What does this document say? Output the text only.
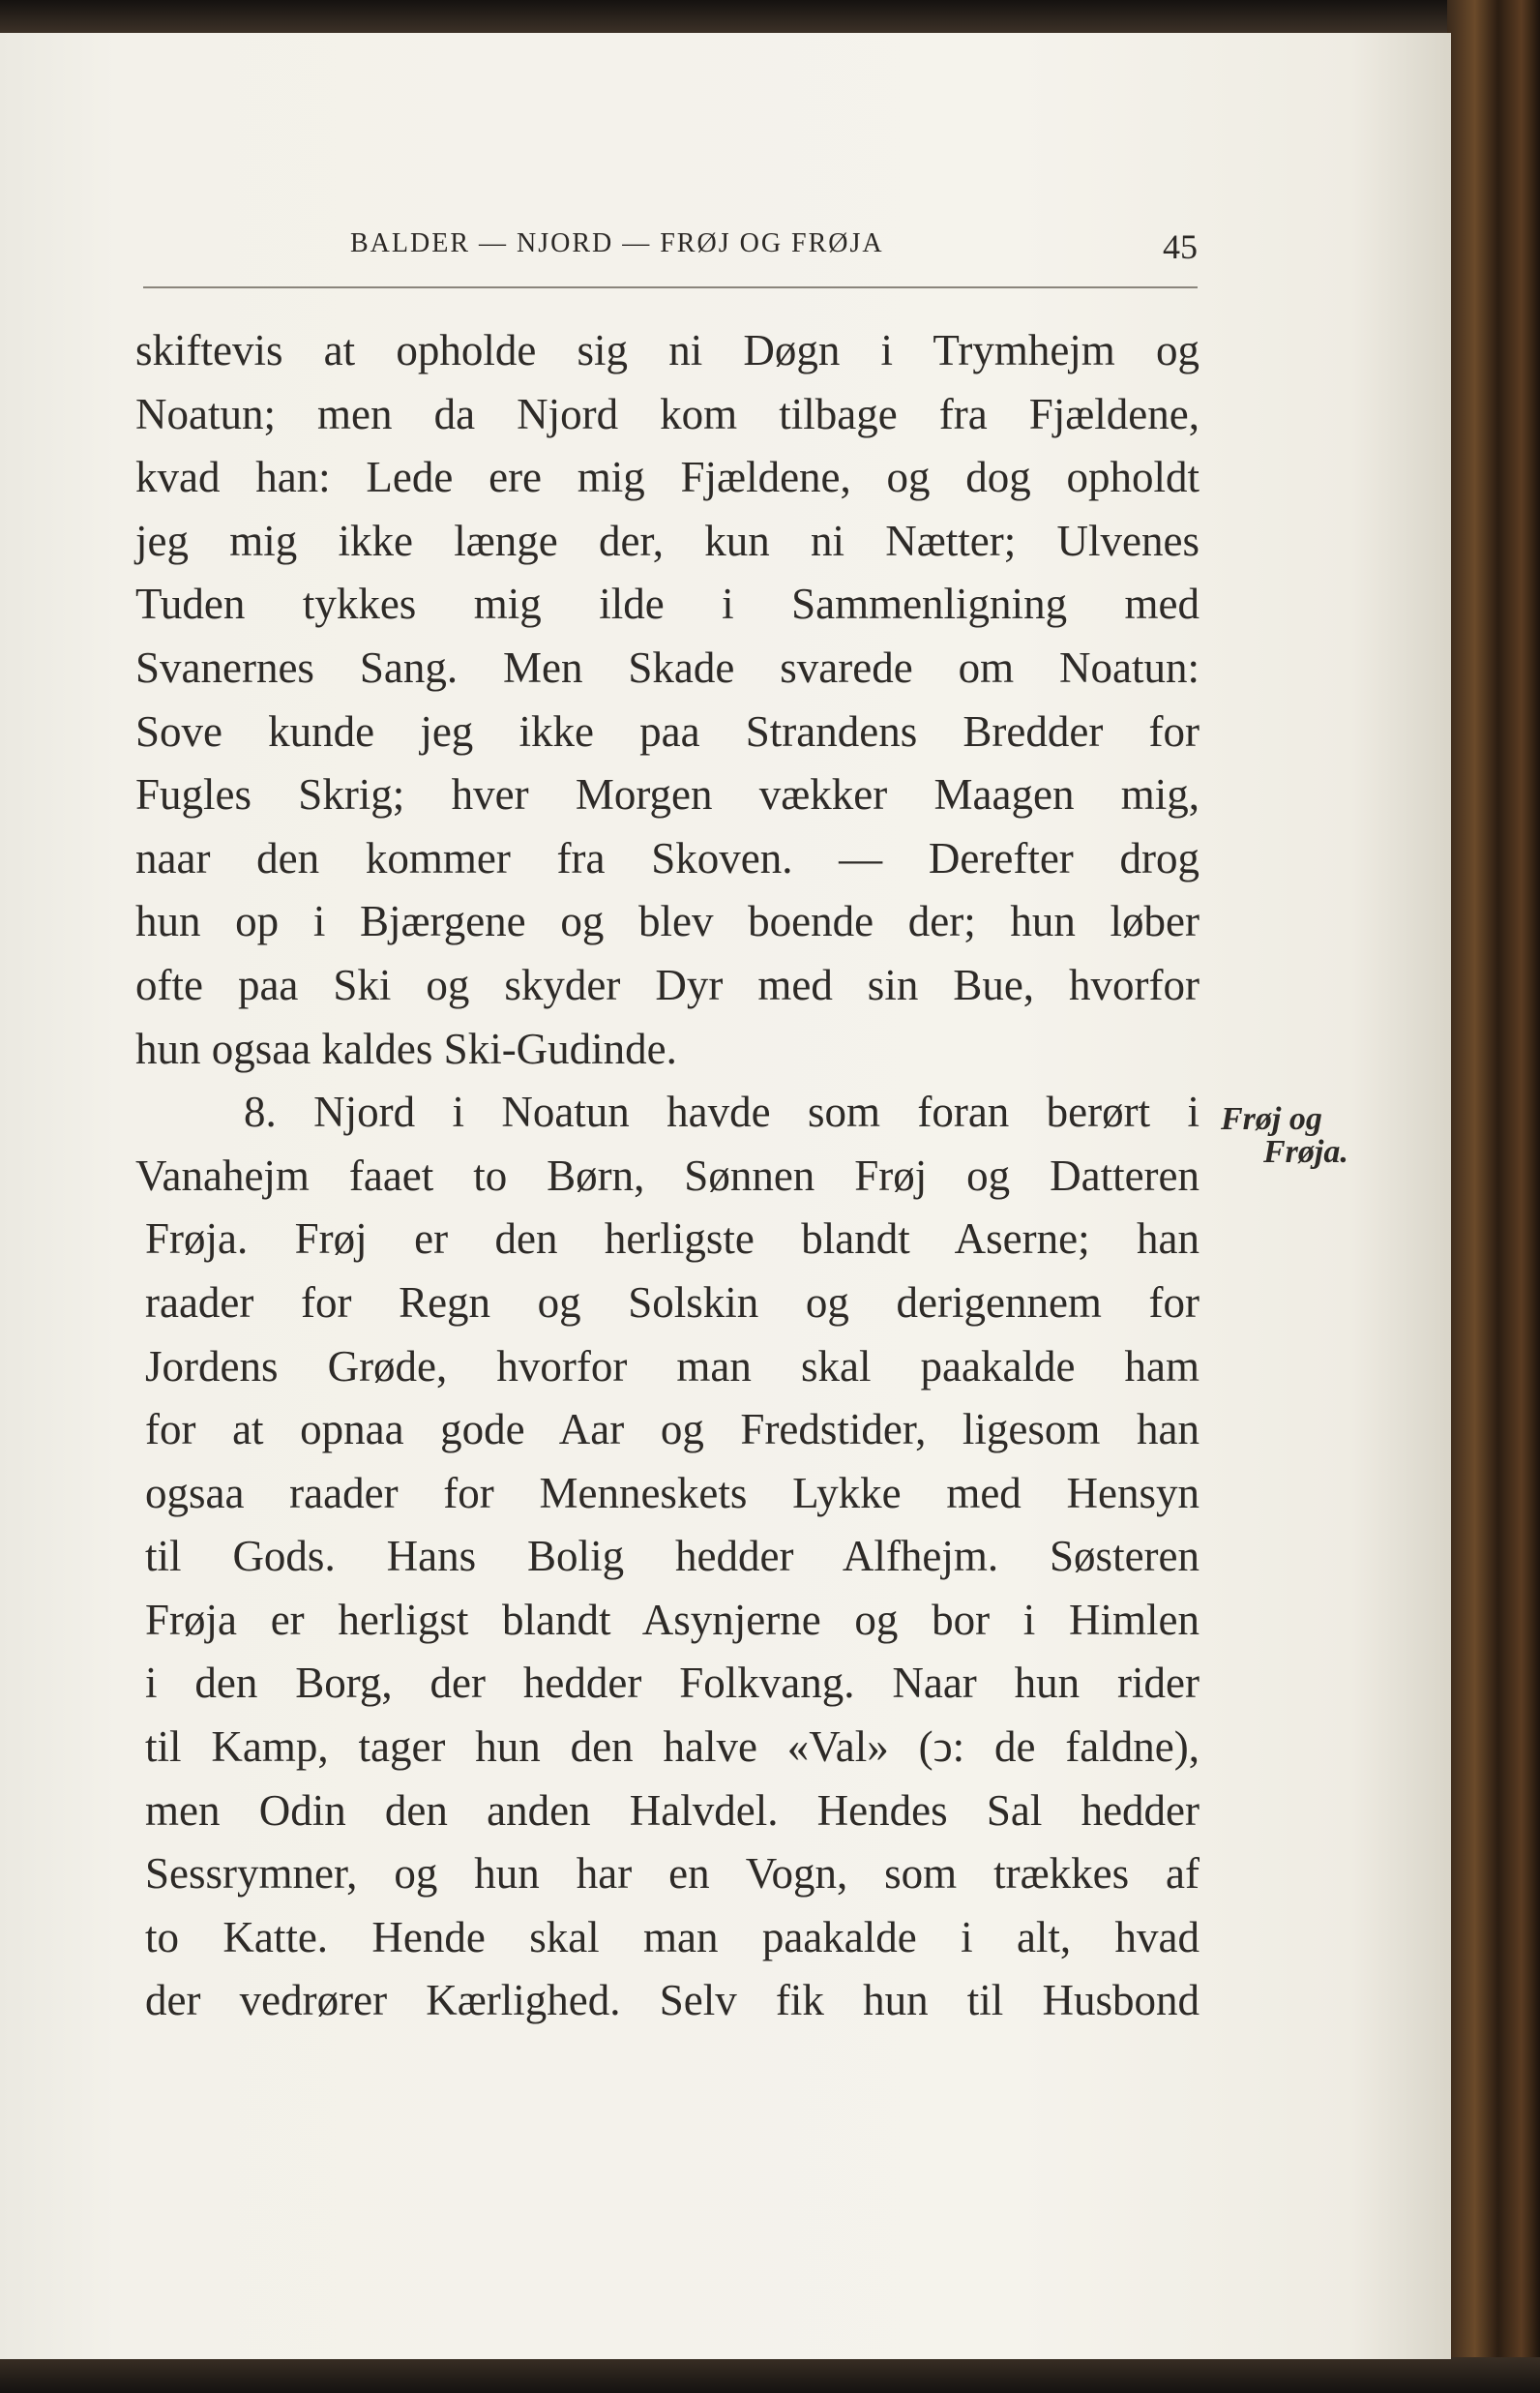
BALDER — NJORD — FRØJ OG FRØJA	45
skiftevis at opholde sig ni Døgn i Trymhejm og
Noatun; men da Njord kom tilbage fra Fjældene,
kvad han: Lede ere mig Fjældene, og dog opholdt
jeg mig ikke længe der, kun ni Nætter; Ulvenes
Tuden tykkes mig ilde i Sammenligning med
Svanernes Sang. Men Skade svarede om Noatun:
Sove kunde jeg ikke paa Strandens Bredder for
Fugles Skrig; hver Morgen vækker Maagen mig,
naar den kommer fra Skoven. — Derefter drog
hun op i Bjærgene og blev boende der; hun løber
ofte paa Ski og skyder Dyr med sin Bue, hvorfor
hun ogsaa kaldes Ski-Gudinde.
8. Njord i Noatun havde som foran berørt i
Vanahejm faaet to Børn, Sønnen Frøj og Datteren
Frøja. Frøj er den herligste blandt Aserne; han
raader for Regn og Solskin og derigennem for
Jordens Grøde, hvorfor man skal paakalde ham
for at opnaa gode Aar og Fredstider, ligesom han
ogsaa raader for Menneskets Lykke med Hensyn
til Gods. Hans Bolig hedder Alfhejm. Søsteren
Frøja er herligst blandt Asynjerne og bor i Himlen
i den Borg, der hedder Folkvang. Naar hun rider
til Kamp, tager hun den halve «Val» (ↄ: de faldne),
men Odin den anden Halvdel. Hendes Sal hedder
Sessrymner, og hun har en Vogn, som trækkes af
to Katte. Hende skal man paakalde i alt, hvad
der vedrører Kærlighed. Selv fik hun til Husbond
Frøj og
Frøja.
